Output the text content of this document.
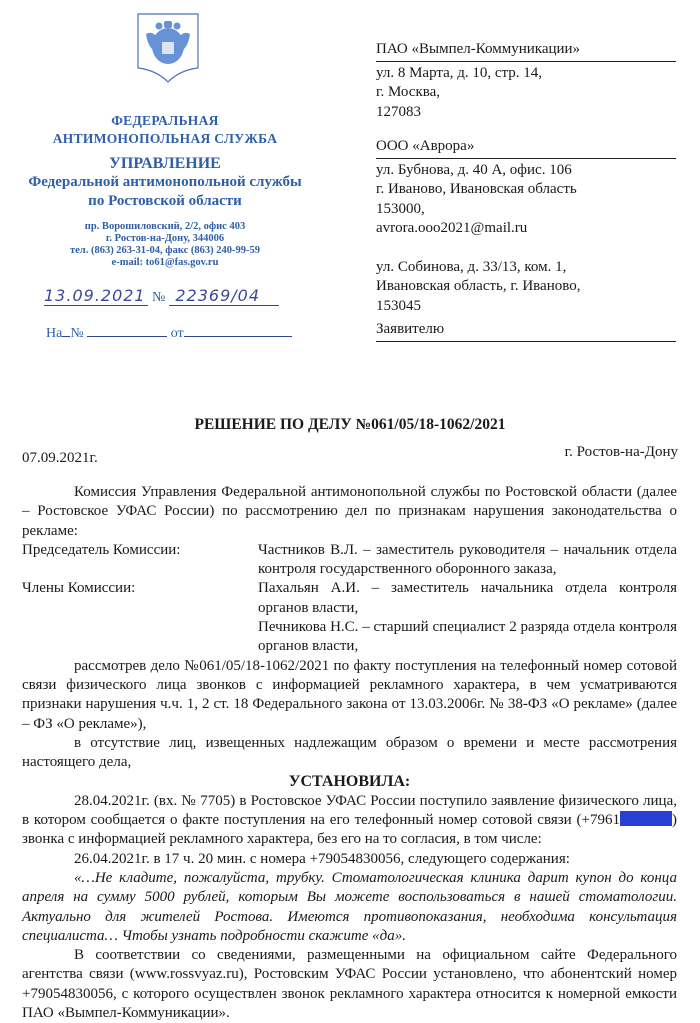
ФЕДЕРАЛЬНАЯ
АНТИМОНОПОЛЬНАЯ СЛУЖБА
УПРАВЛЕНИЕ
Федеральной антимонопольной службы
по Ростовской области
пр. Ворошиловский, 2/2, офис 403
г. Ростов-на-Дону, 344006
тел. (863) 263-31-04, факс (863) 240-99-59
e-mail: to61@fas.gov.ru
13.09.2021 № 22369/04
На №	от
ПАО «Вымпел-Коммуникации»
ул. 8 Марта, д. 10, стр. 14,
г. Москва,
127083
ООО «Аврора»
ул. Бубнова, д. 40 А, офис. 106
г. Иваново, Ивановская область
153000,
avrora.ooo2021@mail.ru
ул. Собинова, д. 33/13, ком. 1,
Ивановская область, г. Иваново,
153045
Заявителю
РЕШЕНИЕ ПО ДЕЛУ №061/05/18-1062/2021
07.09.2021г.	г. Ростов-на-Дону

Комиссия Управления Федеральной антимонопольной службы по Ростовской области (далее – Ростовское УФАС России) по рассмотрению дел по признакам нарушения законодательства о рекламе:

Председатель Комиссии:	Частников В.Л. – заместитель руководителя – начальник отдела контроля государственного оборонного заказа,
Члены Комиссии:	Пахальян А.И. – заместитель начальника отдела контроля органов власти,
Печникова Н.С. – старший специалист 2 разряда отдела контроля органов власти,

рассмотрев дело №061/05/18-1062/2021 по факту поступления на телефонный номер сотовой связи физического лица звонков с информацией рекламного характера, в чем усматриваются признаки нарушения ч.ч. 1, 2 ст. 18 Федерального закона от 13.03.2006г. № 38-ФЗ «О рекламе» (далее – ФЗ «О рекламе»),

в отсутствие лиц, извещенных надлежащим образом о времени и месте рассмотрения настоящего дела,

УСТАНОВИЛА:

28.04.2021г. (вх. № 7705) в Ростовское УФАС России поступило заявление физического лица, в котором сообщается о факте поступления на его телефонный номер сотовой связи (+7961	) звонка с информацией рекламного характера, без его на то согласия, в том числе:

26.04.2021г. в 17 ч. 20 мин. с номера +79054830056, следующего содержания:

«…Не кладите, пожалуйста, трубку. Стоматологическая клиника дарит купон до конца апреля на сумму 5000 рублей, которым Вы можете воспользоваться в нашей стоматологии. Актуально для жителей Ростова. Имеются противопоказания, необходима консультация специалиста… Чтобы узнать подробности скажите «да».

В соответствии со сведениями, размещенными на официальном сайте Федерального агентства связи (www.rossvyaz.ru), Ростовским УФАС России установлено, что абонентский номер +79054830056, с которого осуществлен звонок рекламного характера относится к номерной емкости ПАО «Вымпел-Коммуникации».
